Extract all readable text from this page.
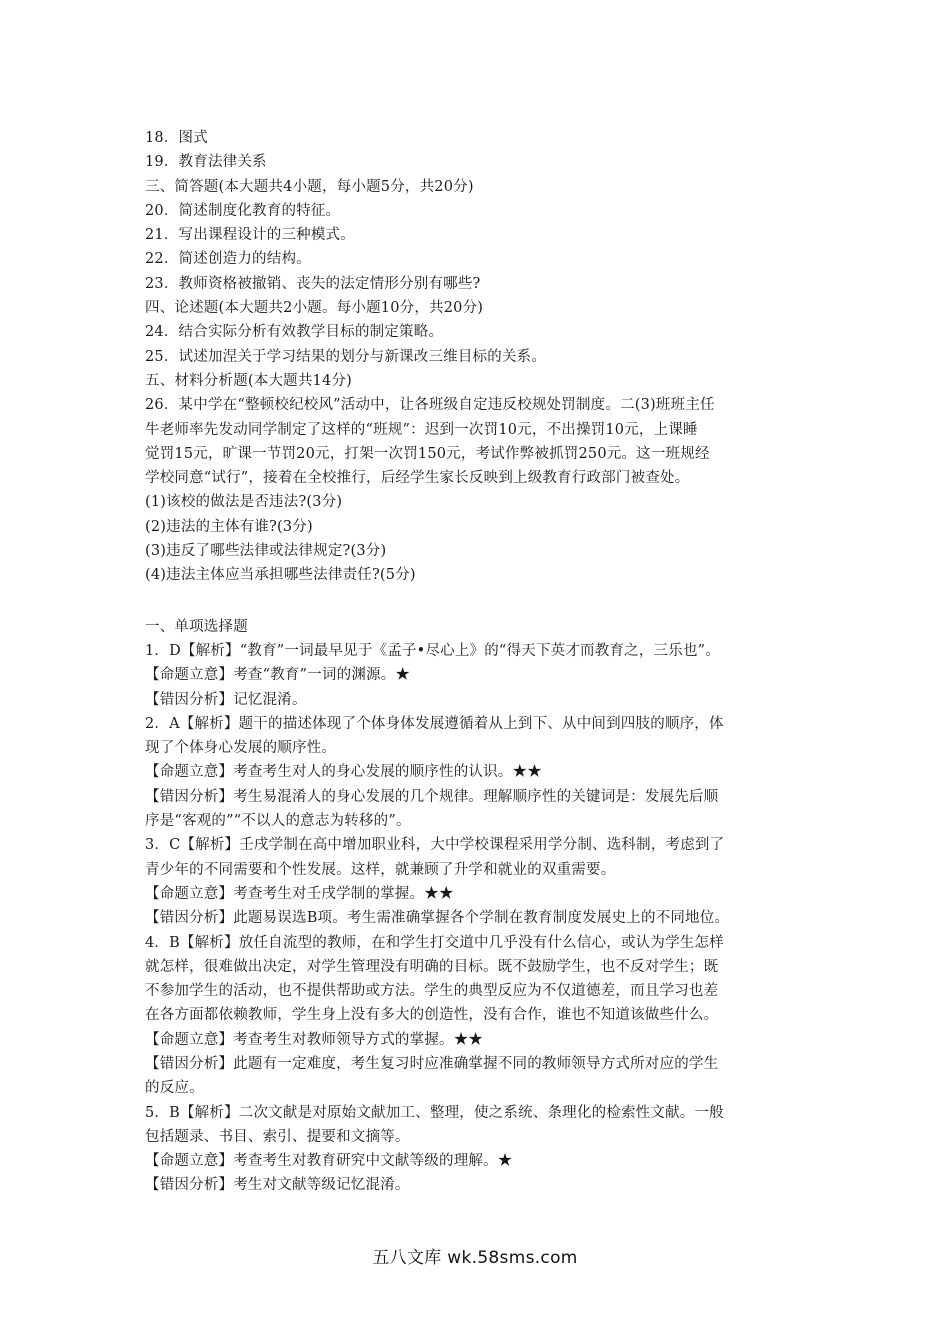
18．图式
19．教育法律关系
三、简答题(本大题共4小题，每小题5分，共20分)
20．简述制度化教育的特征。
21．写出课程设计的三种模式。
22．简述创造力的结构。
23．教师资格被撤销、丧失的法定情形分别有哪些?
四、论述题(本大题共2小题。每小题10分，共20分)
24．结合实际分析有效教学目标的制定策略。
25．试述加涅关于学习结果的划分与新课改三维目标的关系。
五、材料分析题(本大题共14分)
26．某中学在“整顿校纪校风”活动中，让各班级自定违反校规处罚制度。二(3)班班主任
牛老师率先发动同学制定了这样的“班规”：迟到一次罚10元，不出操罚10元，上课睡
觉罚15元，旷课一节罚20元，打架一次罚150元，考试作弊被抓罚250元。这一班规经
学校同意“试行”，接着在全校推行，后经学生家长反映到上级教育行政部门被查处。
(1)该校的做法是否违法?(3分)
(2)违法的主体有谁?(3分)
(3)违反了哪些法律或法律规定?(3分)
(4)违法主体应当承担哪些法律责任?(5分)
一、单项选择题
1．D【解析】“教育”一词最早见于《孟子•尽心上》的“得天下英才而教育之，三乐也”。
【命题立意】考查“教育”一词的渊源。★
【错因分析】记忆混淆。
2．A【解析】题干的描述体现了个体身体发展遵循着从上到下、从中间到四肢的顺序，体
现了个体身心发展的顺序性。
【命题立意】考查考生对人的身心发展的顺序性的认识。★★
【错因分析】考生易混淆人的身心发展的几个规律。理解顺序性的关键词是：发展先后顺
序是“客观的”“不以人的意志为转移的”。
3．C【解析】壬戌学制在高中增加职业科，大中学校课程采用学分制、选科制，考虑到了
青少年的不同需要和个性发展。这样，就兼顾了升学和就业的双重需要。
【命题立意】考查考生对壬戌学制的掌握。★★
【错因分析】此题易误选B项。考生需准确掌握各个学制在教育制度发展史上的不同地位。
4．B【解析】放任自流型的教师，在和学生打交道中几乎没有什么信心，或认为学生怎样
就怎样，很难做出决定，对学生管理没有明确的目标。既不鼓励学生，也不反对学生；既
不参加学生的活动，也不提供帮助或方法。学生的典型反应为不仅道德差，而且学习也差
在各方面都依赖教师，学生身上没有多大的创造性，没有合作，谁也不知道该做些什么。
【命题立意】考查考生对教师领导方式的掌握。★★
【错因分析】此题有一定难度，考生复习时应准确掌握不同的教师领导方式所对应的学生
的反应。
5．B【解析】二次文献是对原始文献加工、整理，使之系统、条理化的检索性文献。一般
包括题录、书目、索引、提要和文摘等。
【命题立意】考查考生对教育研究中文献等级的理解。★
【错因分析】考生对文献等级记忆混淆。
五八文库 wk.58sms.com
